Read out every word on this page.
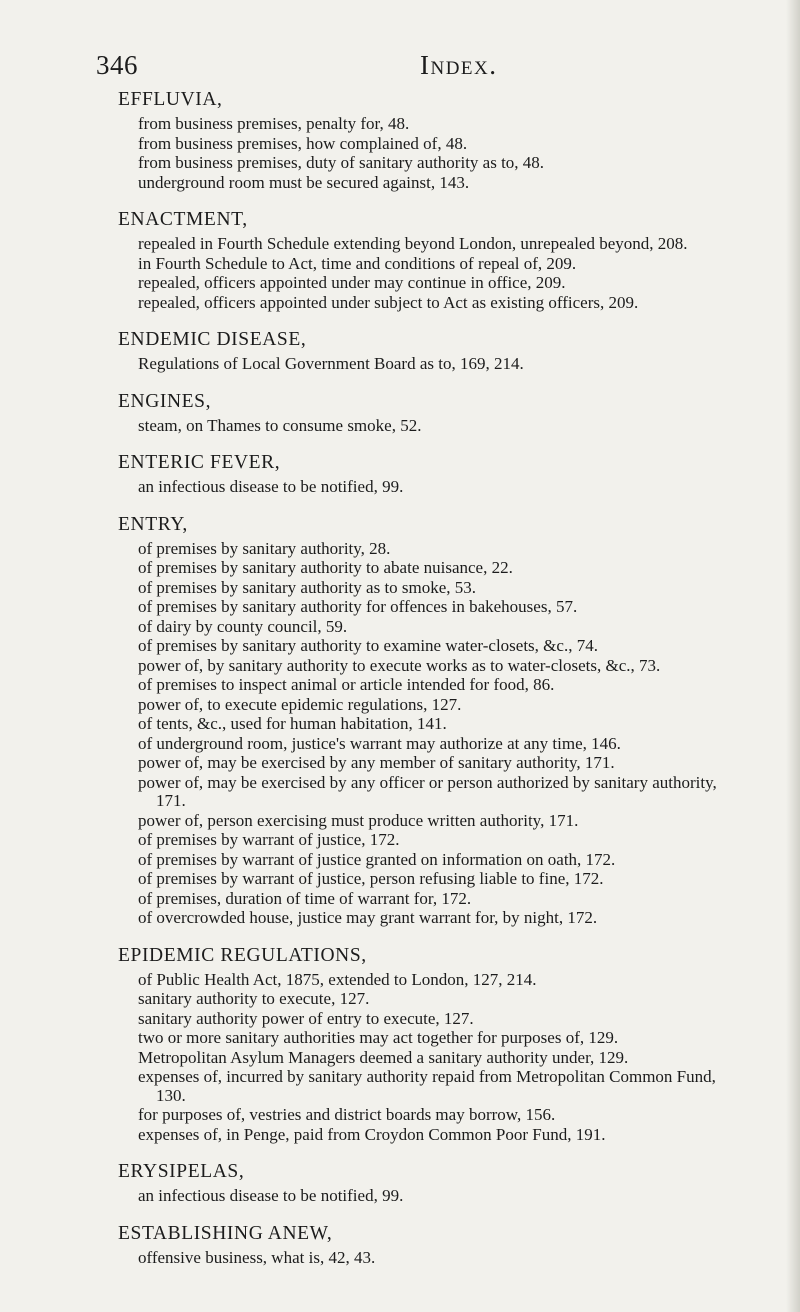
346	Index.
EFFLUVIA,

from business premises, penalty for, 48.

from business premises, how complained of, 48.

from business premises, duty of sanitary authority as to, 48.

underground room must be secured against, 143.

ENACTMENT,

repealed in Fourth Schedule extending beyond London, unrepealed beyond, 208.

in Fourth Schedule to Act, time and conditions of repeal of, 209.

repealed, officers appointed under may continue in office, 209.

repealed, officers appointed under subject to Act as existing officers, 209.

ENDEMIC DISEASE,

Regulations of Local Government Board as to, 169, 214.

ENGINES,

steam, on Thames to consume smoke, 52.

ENTERIC FEVER,

an infectious disease to be notified, 99.

ENTRY,

of premises by sanitary authority, 28.

of premises by sanitary authority to abate nuisance, 22.

of premises by sanitary authority as to smoke, 53.

of premises by sanitary authority for offences in bakehouses, 57.

of dairy by county council, 59.

of premises by sanitary authority to examine water-closets, &c., 74.

power of, by sanitary authority to execute works as to water-closets, &c., 73.

of premises to inspect animal or article intended for food, 86.

power of, to execute epidemic regulations, 127.

of tents, &c., used for human habitation, 141.

of underground room, justice's warrant may authorize at any time, 146.

power of, may be exercised by any member of sanitary authority, 171.

power of, may be exercised by any officer or person authorized by sanitary authority, 171.

power of, person exercising must produce written authority, 171.

of premises by warrant of justice, 172.

of premises by warrant of justice granted on information on oath, 172.

of premises by warrant of justice, person refusing liable to fine, 172.

of premises, duration of time of warrant for, 172.

of overcrowded house, justice may grant warrant for, by night, 172.

EPIDEMIC REGULATIONS,

of Public Health Act, 1875, extended to London, 127, 214.

sanitary authority to execute, 127.

sanitary authority power of entry to execute, 127.

two or more sanitary authorities may act together for purposes of, 129.

Metropolitan Asylum Managers deemed a sanitary authority under, 129.

expenses of, incurred by sanitary authority repaid from Metropolitan Common Fund, 130.

for purposes of, vestries and district boards may borrow, 156.

expenses of, in Penge, paid from Croydon Common Poor Fund, 191.

ERYSIPELAS,

an infectious disease to be notified, 99.

ESTABLISHING ANEW,

offensive business, what is, 42, 43.
